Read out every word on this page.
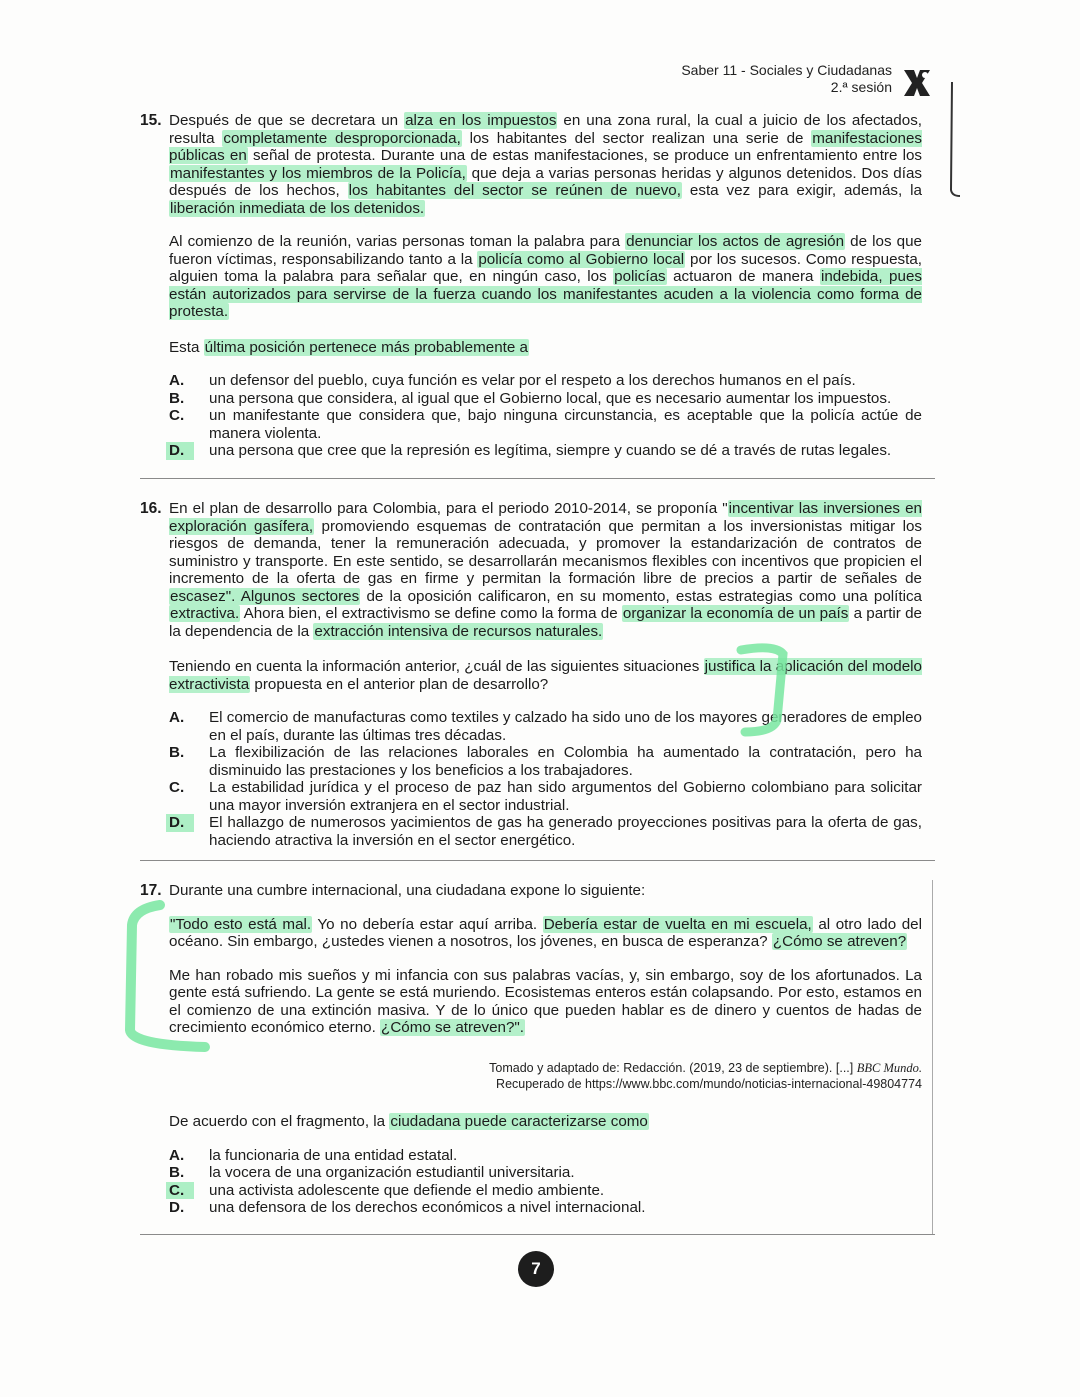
Saber 11 - Sociales y Ciudadanas
2.ª sesión
15. Después de que se decretara un alza en los impuestos en una zona rural, la cual a juicio de los afectados, resulta completamente desproporcionada, los habitantes del sector realizan una serie de manifestaciones públicas en señal de protesta. Durante una de estas manifestaciones, se produce un enfrentamiento entre los manifestantes y los miembros de la Policía, que deja a varias personas heridas y algunos detenidos. Dos días después de los hechos, los habitantes del sector se reúnen de nuevo, esta vez para exigir, además, la liberación inmediata de los detenidos.

Al comienzo de la reunión, varias personas toman la palabra para denunciar los actos de agresión de los que fueron víctimas, responsabilizando tanto a la policía como al Gobierno local por los sucesos. Como respuesta, alguien toma la palabra para señalar que, en ningún caso, los policías actuaron de manera indebida, pues están autorizados para servirse de la fuerza cuando los manifestantes acuden a la violencia como forma de protesta.

Esta última posición pertenece más probablemente a
A. un defensor del pueblo, cuya función es velar por el respeto a los derechos humanos en el país.
B. una persona que considera, al igual que el Gobierno local, que es necesario aumentar los impuestos.
C. un manifestante que considera que, bajo ninguna circunstancia, es aceptable que la policía actúe de manera violenta.
D.	una persona que cree que la represión es legítima, siempre y cuando se dé a través de rutas legales.
16. En el plan de desarrollo para Colombia, para el periodo 2010-2014, se proponía "incentivar las inversiones en exploración gasífera, promoviendo esquemas de contratación que permitan a los inversionistas mitigar los riesgos de demanda, tener la remuneración adecuada, y promover la estandarización de contratos de suministro y transporte. En este sentido, se desarrollarán mecanismos flexibles con incentivos que propicien el incremento de la oferta de gas en firme y permitan la formación libre de precios a partir de señales de escasez". Algunos sectores de la oposición calificaron, en su momento, estas estrategias como una política extractiva. Ahora bien, el extractivismo se define como la forma de organizar la economía de un país a partir de la dependencia de la extracción intensiva de recursos naturales.

Teniendo en cuenta la información anterior, ¿cuál de las siguientes situaciones justifica la aplicación del modelo extractivista propuesta en el anterior plan de desarrollo?
A. El comercio de manufacturas como textiles y calzado ha sido uno de los mayores generadores de empleo en el país, durante las últimas tres décadas.
B. La flexibilización de las relaciones laborales en Colombia ha aumentado la contratación, pero ha disminuido las prestaciones y los beneficios a los trabajadores.
C. La estabilidad jurídica y el proceso de paz han sido argumentos del Gobierno colombiano para solicitar una mayor inversión extranjera en el sector industrial.
D.	El hallazgo de numerosos yacimientos de gas ha generado proyecciones positivas para la oferta de gas, haciendo atractiva la inversión en el sector energético.
17. Durante una cumbre internacional, una ciudadana expone lo siguiente:

"Todo esto está mal. Yo no debería estar aquí arriba. Debería estar de vuelta en mi escuela, al otro lado del océano. Sin embargo, ¿ustedes vienen a nosotros, los jóvenes, en busca de esperanza? ¿Cómo se atreven?

Me han robado mis sueños y mi infancia con sus palabras vacías, y, sin embargo, soy de los afortunados. La gente está sufriendo. La gente se está muriendo. Ecosistemas enteros están colapsando. Por esto, estamos en el comienzo de una extinción masiva. Y de lo único que pueden hablar es de dinero y cuentos de hadas de crecimiento económico eterno. ¿Cómo se atreven?".

Tomado y adaptado de: Redacción. (2019, 23 de septiembre). [...] BBC Mundo.
Recuperado de https://www.bbc.com/mundo/noticias-internacional-49804774
De acuerdo con el fragmento, la ciudadana puede caracterizarse como
A. la funcionaria de una entidad estatal.
B. la vocera de una organización estudiantil universitaria.
C.	una activista adolescente que defiende el medio ambiente.
D. una defensora de los derechos económicos a nivel internacional.
7
